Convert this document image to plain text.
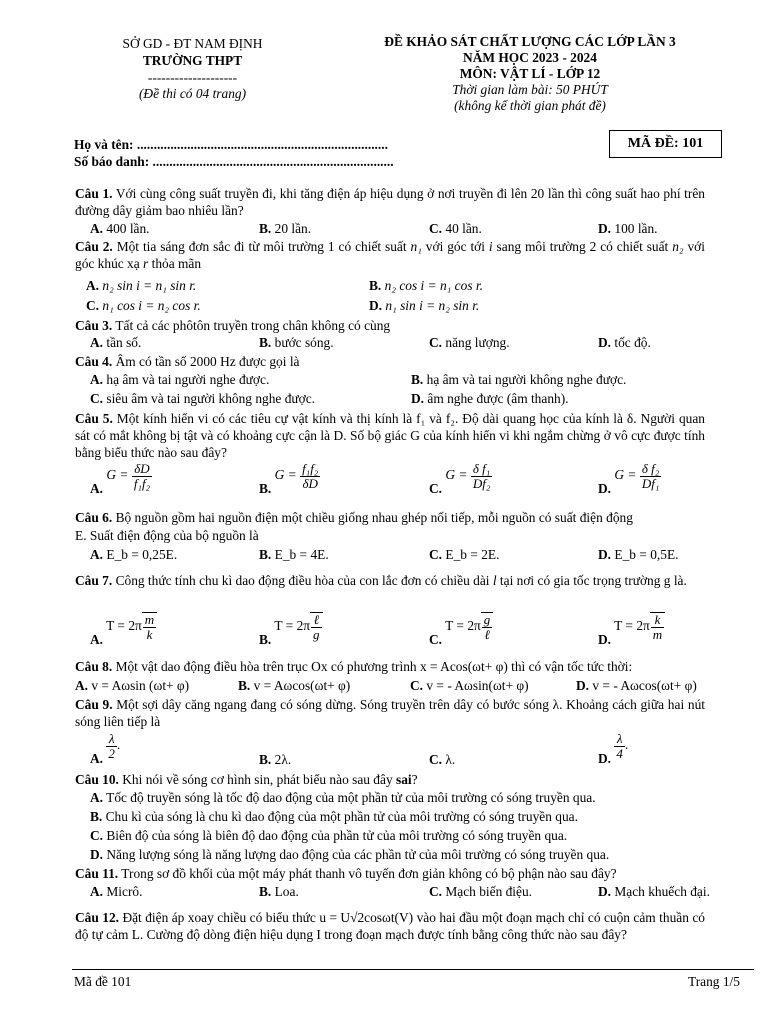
SỞ GD - ĐT NAM ĐỊNH
TRƯỜNG THPT
--------------------
(Đề thi có 04 trang)
ĐỀ KHẢO SÁT CHẤT LƯỢNG CÁC LỚP LẦN 3
NĂM HỌC 2023 - 2024
MÔN: VẬT LÍ - LỚP 12
Thời gian làm bài: 50 PHÚT
(không kể thời gian phát đề)
Họ và tên: ...........................................................................
Số báo danh: ........................................................................
MÃ ĐỀ: 101
Câu 1. Với cùng công suất truyền đi, khi tăng điện áp hiệu dụng ở nơi truyền đi lên 20 lần thì công suất hao phí trên đường dây giảm bao nhiêu lần?
A. 400 lần.	B. 20 lần.	C. 40 lần.	D. 100 lần.
Câu 2. Một tia sáng đơn sắc đi từ môi trường 1 có chiết suất n₁ với góc tới i sang môi trường 2 có chiết suất n₂ với góc khúc xạ r thỏa mãn
A. n₂ sin i = n₁ sin r.	B. n₂ cos i = n₁ cos r.
C. n₁ cos i = n₂ cos r.	D. n₁ sin i = n₂ sin r.
Câu 3. Tất cả các phôtôn truyền trong chân không có cùng
A. tần số.	B. bước sóng.	C. năng lượng.	D. tốc độ.
Câu 4. Âm có tần số 2000 Hz được gọi là
A. hạ âm và tai người nghe được.	B. hạ âm và tai người không nghe được.
C. siêu âm và tai người không nghe được.	D. âm nghe được (âm thanh).
Câu 5. Một kính hiển vi có các tiêu cự vật kính và thị kính là f₁ và f₂. Độ dài quang học của kính là δ. Người quan sát có mắt không bị tật và có khoảng cực cận là D. Số bộ giác G của kính hiển vi khi ngắm chừng ở vô cực được tính bằng biểu thức nào sau đây?
A. $G = \frac{\delta D}{\text{f₁f₂}}$	B. $G = \frac{\text{f₁f₂}}{\delta D}$	C. $G = \frac{\text{δ f₁}}{\text{Df₂}}$	D. $G = \frac{\text{δ f₂}}{\text{Df₁}}$
Câu 6. Bộ nguồn gồm hai nguồn điện một chiều giống nhau ghép nối tiếp, mỗi nguồn có suất điện động
E. Suất điện động của bộ nguồn là
A. E_b = 0,25E.	B. E_b = 4E.	C. E_b = 2E.	D. E_b = 0,5E.
Câu 7. Công thức tính chu kì dao động điều hòa của con lắc đơn có chiều dài l tại nơi có gia tốc trọng trường g là.
A. $T = 2\pi \frac{m}{k}$	B. $T = 2\pi \frac{\text{ℓ}}{g}$	C. $T = 2\pi \frac{g}{\text{ℓ}}$	D. $T = 2\pi \frac{k}{m}$
Câu 8. Một vật dao động điều hòa trên trục Ox có phương trình x = Acos(ωt+ φ) thì có vận tốc tức thời:
A. v = Aωsin (ωt+ φ)	B. v = Aωcos(ωt+ φ)	C. v = - Aωsin(ωt+ φ)	D. v = - Aωcos(ωt+ φ)
Câu 9. Một sợi dây căng ngang đang có sóng dừng. Sóng truyền trên dây có bước sóng λ. Khoảng cách giữa hai nút sóng liên tiếp là
A. $\frac{\lambda}{2}$ .
B. 2λ.	C. λ.	D. $\frac{\lambda}{4}$ .
Câu 10. Khi nói về sóng cơ hình sin, phát biểu nào sau đây sai?
A. Tốc độ truyền sóng là tốc độ dao động của một phần tử của môi trường có sóng truyền qua.
B. Chu kì của sóng là chu kì dao động của một phần tử của môi trường có sóng truyền qua.
C. Biên độ của sóng là biên độ dao động của phần tử của môi trường có sóng truyền qua.
D. Năng lượng sóng là năng lượng dao động của các phần tử của môi trường có sóng truyền qua.
Câu 11. Trong sơ đồ khối của một máy phát thanh vô tuyến đơn giản không có bộ phận nào sau đây?
A. Micrô.	B. Loa.	C. Mạch biến điệu.	D. Mạch khuếch đại.
Câu 12. Đặt điện áp xoay chiều có biểu thức u = U√2cosωt(V) vào hai đầu một đoạn mạch chỉ có cuộn cảm thuần có độ tự cảm L. Cường độ dòng điện hiệu dụng I trong đoạn mạch được tính bằng công thức nào sau đây?
Mã đề 101	Trang 1/5
